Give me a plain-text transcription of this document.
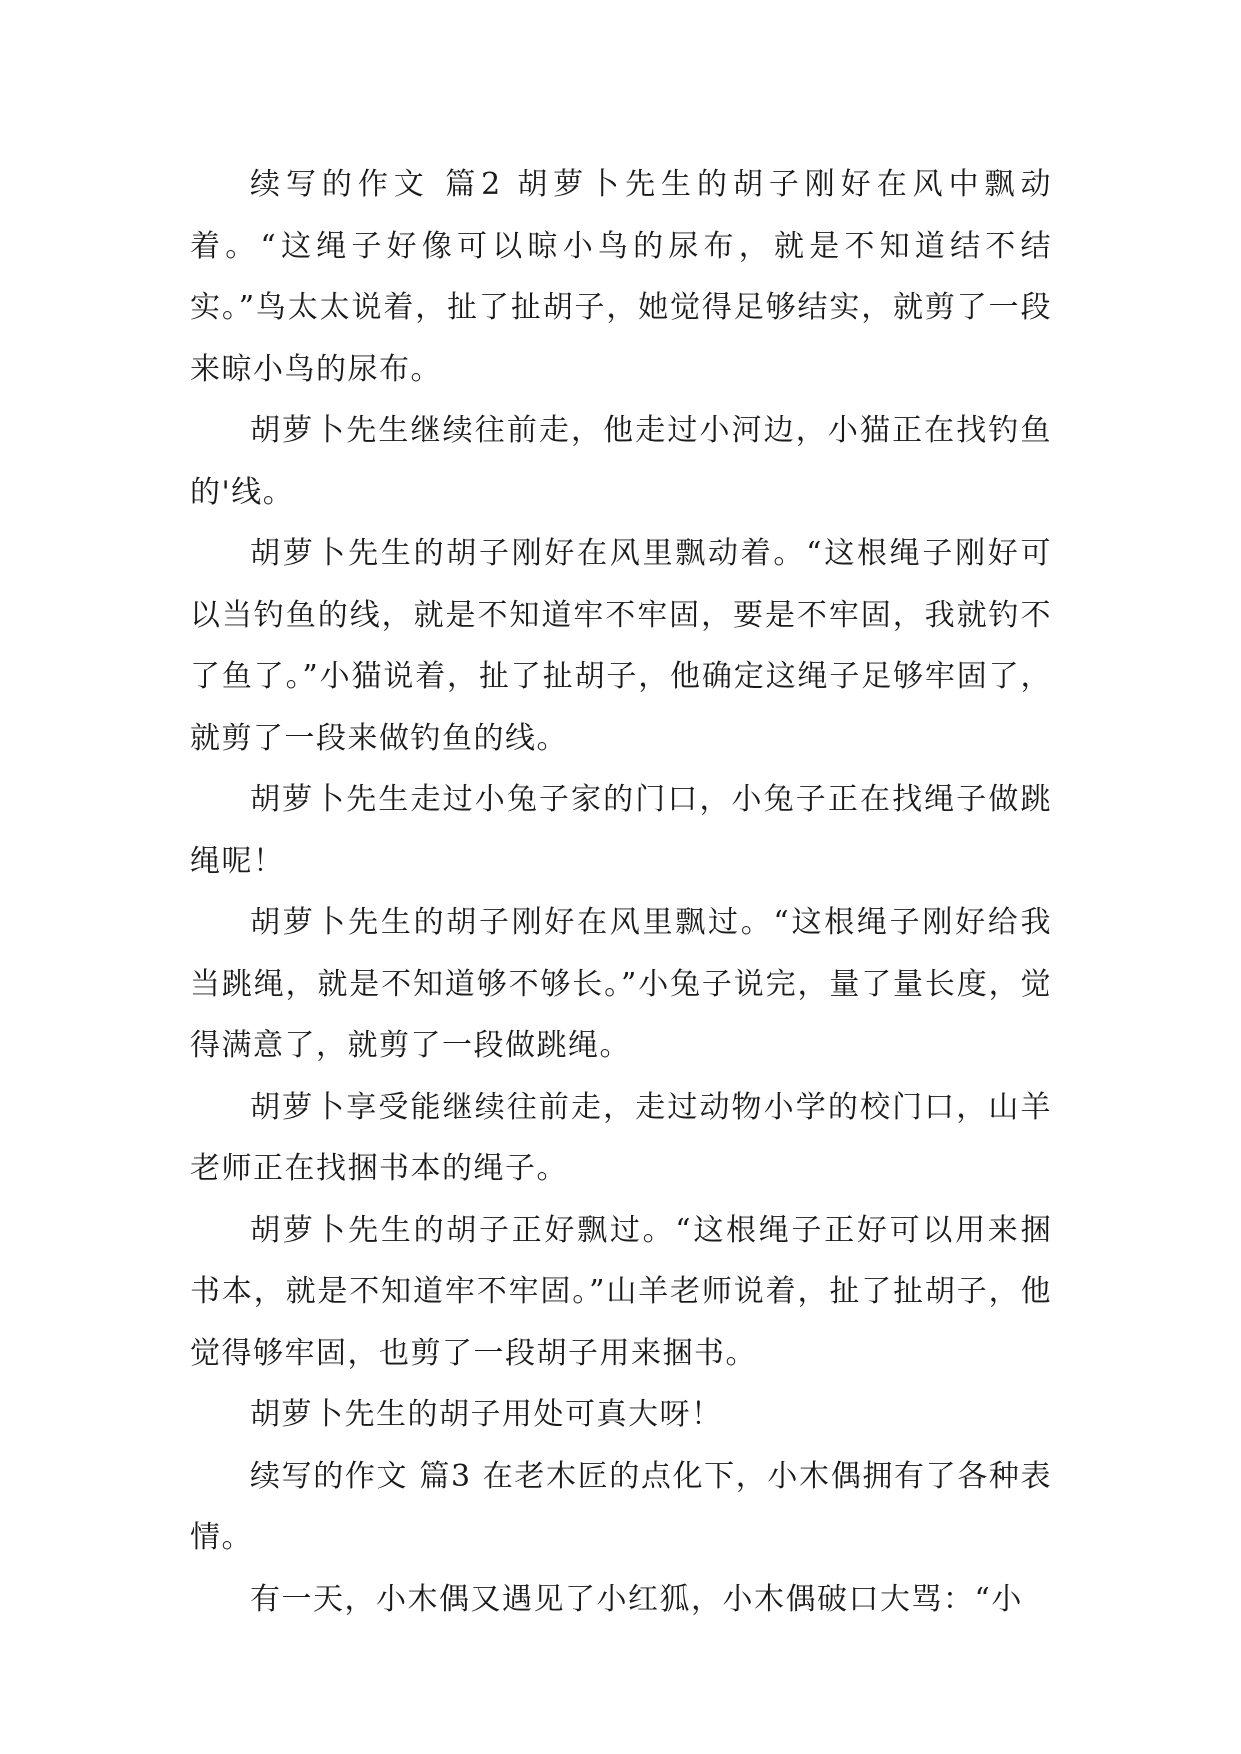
续写的作文 篇2 胡萝卜先生的胡子刚好在风中飘动着。“这绳子好像可以晾小鸟的尿布，就是不知道结不结实。”鸟太太说着，扯了扯胡子，她觉得足够结实，就剪了一段来晾小鸟的尿布。

胡萝卜先生继续往前走，他走过小河边，小猫正在找钓鱼的'线。

胡萝卜先生的胡子刚好在风里飘动着。“这根绳子刚好可以当钓鱼的线，就是不知道牢不牢固，要是不牢固，我就钓不了鱼了。”小猫说着，扯了扯胡子，他确定这绳子足够牢固了，就剪了一段来做钓鱼的线。

胡萝卜先生走过小兔子家的门口，小兔子正在找绳子做跳绳呢！

胡萝卜先生的胡子刚好在风里飘过。“这根绳子刚好给我当跳绳，就是不知道够不够长。”小兔子说完，量了量长度，觉得满意了，就剪了一段做跳绳。

胡萝卜享受能继续往前走，走过动物小学的校门口，山羊老师正在找捆书本的绳子。

胡萝卜先生的胡子正好飘过。“这根绳子正好可以用来捆书本，就是不知道牢不牢固。”山羊老师说着，扯了扯胡子，他觉得够牢固，也剪了一段胡子用来捆书。

胡萝卜先生的胡子用处可真大呀！

续写的作文 篇3 在老木匠的点化下，小木偶拥有了各种表情。

有一天，小木偶又遇见了小红狐，小木偶破口大骂：“小
